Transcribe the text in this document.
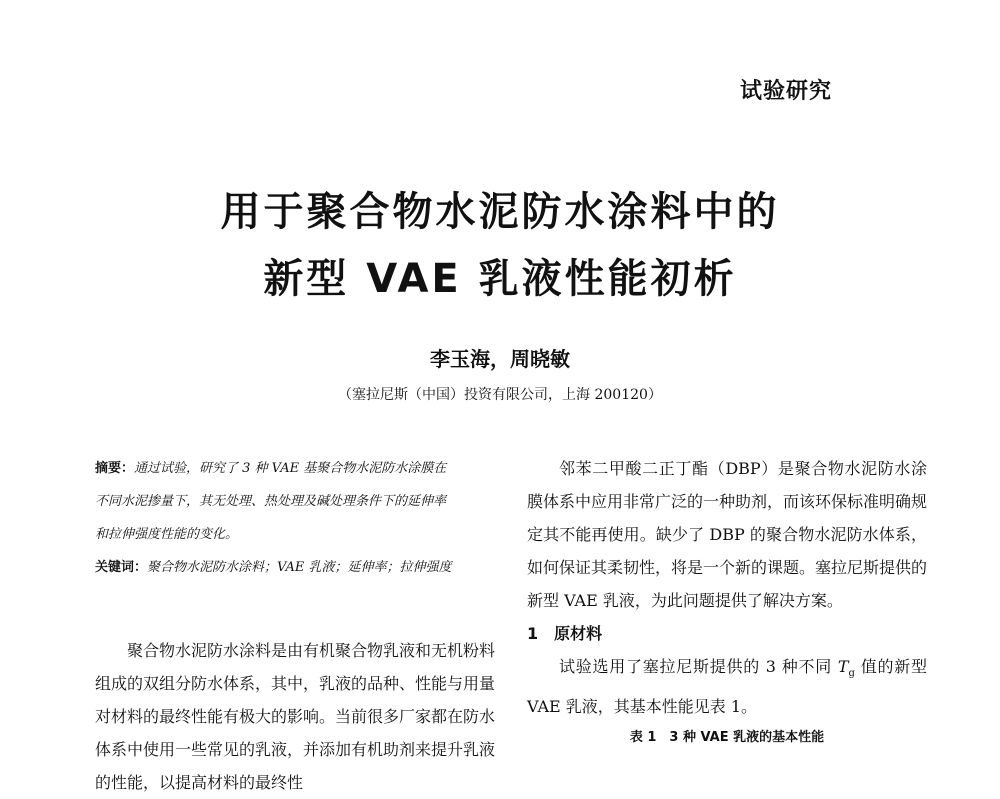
试验研究
用于聚合物水泥防水涂料中的
新型 VAE 乳液性能初析
李玉海，周晓敏
（塞拉尼斯（中国）投资有限公司，上海 200120）

摘要：通过试验，研究了 3 种 VAE 基聚合物水泥防水涂膜在

不同水泥掺量下，其无处理、热处理及碱处理条件下的延伸率

和拉伸强度性能的变化。

关键词：聚合物水泥防水涂料；VAE 乳液；延伸率；拉伸强度

聚合物水泥防水涂料是由有机聚合物乳液和无机粉料组成的双组分防水体系，其中，乳液的品种、性能与用量对材料的最终性能有极大的影响。当前很多厂家都在防水体系中使用一些常见的乳液，并添加有机助剂来提升乳液的性能，以提高材料的最终性

邻苯二甲酸二正丁酯（DBP）是聚合物水泥防水涂膜体系中应用非常广泛的一种助剂，而该环保标准明确规定其不能再使用。缺少了 DBP 的聚合物水泥防水体系，如何保证其柔韧性，将是一个新的课题。塞拉尼斯提供的新型 VAE 乳液，为此问题提供了解决方案。

1　原材料

试验选用了塞拉尼斯提供的 3 种不同 $T_g$ 值的新型 VAE 乳液，其基本性能见表 1。

表 1　3 种 VAE 乳液的基本性能
